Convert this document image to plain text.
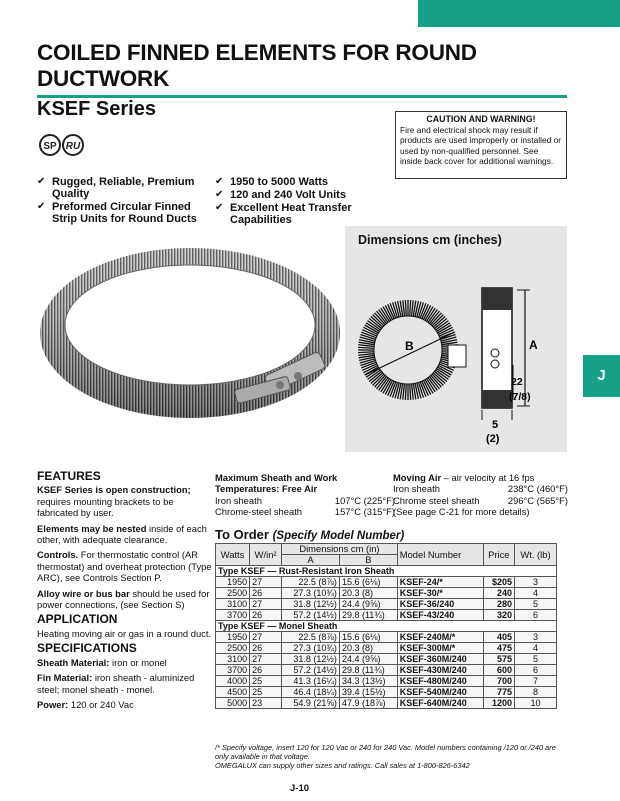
COILED FINNED ELEMENTS FOR ROUND
DUCTWORK
KSEF Series	CAUTION AND WARNING!
Fire and electrical shock may result if products are used improperly or installed or used by non-qualified personnel. See inside back cover for additional warnings.
SP RU
✔ Rugged, Reliable, Premium Quality
✔ Preformed Circular Finned Strip Units for Round Ducts
✔ 1950 to 5000 Watts
✔ 120 and 240 Volt Units
✔ Excellent Heat Transfer Capabilities
Dimensions cm (inches)
B	A
22
(7/8)
5
(2)
J
FEATURES

KSEF Series is open construction; requires mounting brackets to be fabricated by user.

Elements may be nested inside of each other, with adequate clearance.

Controls. For thermostatic control (AR thermostat) and overheat protection (Type ARC), see Controls Section P.

Alloy wire or bus bar should be used for power connections, (see Section S)

APPLICATION

Heating moving air or gas in a round duct.

SPECIFICATIONS

Sheath Material: iron or monel

Fin Material: iron sheath - aluminized steel; monel sheath - monel.

Power: 120 or 240 Vac

Maximum Sheath and Work Temperatures: Free Air
Iron sheath	107°C (225°F)
Chrome-steel sheath	157°C (315°F)
Moving Air – air velocity at 16 fps
Iron sheath	238°C (460°F)
Chrome steel sheath	296°C (565°F)
(See page C-21 for more details)
To Order (Specify Model Number)
Watts	W/in²	Dimensions cm (in)		Model Number	Price	Wt. (lb)
		A	B			
Type KSEF — Rust-Resistant Iron Sheath						
1950	27	22.5 (8⅞)	15.6 (6⅛)	KSEF-24/*	$205	3
2500	26	27.3 (10¾)	20.3 (8)	KSEF-30/*	240	4
3100	27	31.8 (12½)	24.4 (9⅝)	KSEF-36/240	280	5
3700	26	57.2 (14½)	29.8 (11¾)	KSEF-43/240	320	6
Type KSEF — Monel Sheath						
1950	27	22.5 (8⅞)	15.6 (6⅛)	KSEF-240M/*	405	3
2500	26	27.3 (10¾)	20.3 (8)	KSEF-300M/*	475	4
3100	27	31.8 (12½)	24.4 (9⅝)	KSEF-360M/240	575	5
3700	26	57.2 (14½)	29.8 (11¾)	KSEF-430M/240	600	6
4000	25	41.3 (16¼)	34.3 (13½)	KSEF-480M/240	700	7
4500	25	46.4 (18¼)	39.4 (15½)	KSEF-540M/240	775	8
5000	23	54.9 (21⅝)	47.9 (18⅞)	KSEF-640M/240	1200	10
/* Specify voltage, insert 120 for 120 Vac or 240 for 240 Vac. Model numbers containing /120 or /240 are only available in that voltage.
OMEGALUX can supply other sizes and ratings. Call sales at 1-800-826-6342
J-10
